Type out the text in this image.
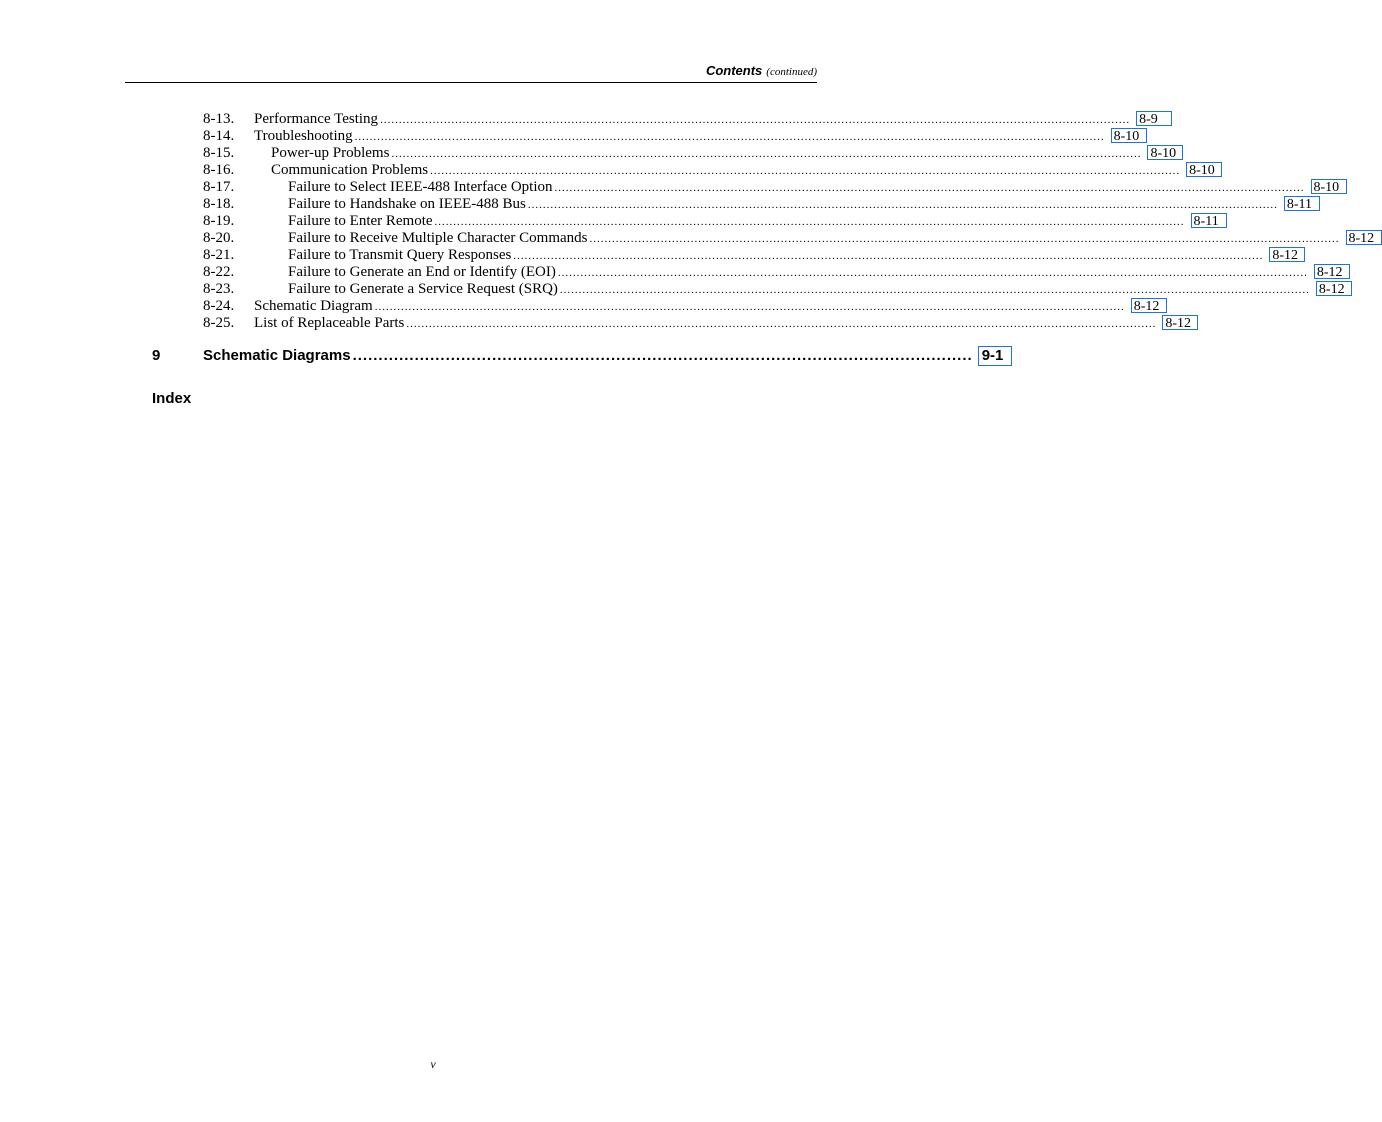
Contents (continued)
8-13.	Performance Testing ........................................................................................................................................................................................................ 8-9
8-14.	Troubleshooting ........................................................................................................................................................................................................ 8-10
8-15.	Power-up Problems ........................................................................................................................................................................................................ 8-10
8-16.	Communication Problems ........................................................................................................................................................................................................ 8-10
8-17.	Failure to Select IEEE-488 Interface Option ........................................................................................................................................................................................................ 8-10
8-18.	Failure to Handshake on IEEE-488 Bus ........................................................................................................................................................................................................ 8-11
8-19.	Failure to Enter Remote ........................................................................................................................................................................................................ 8-11
8-20.	Failure to Receive Multiple Character Commands ........................................................................................................................................................................................................ 8-12
8-21.	Failure to Transmit Query Responses ........................................................................................................................................................................................................ 8-12
8-22.	Failure to Generate an End or Identify (EOI) ........................................................................................................................................................................................................ 8-12
8-23.	Failure to Generate a Service Request (SRQ) ........................................................................................................................................................................................................ 8-12
8-24.	Schematic Diagram ........................................................................................................................................................................................................ 8-12
8-25.	List of Replaceable Parts ........................................................................................................................................................................................................ 8-12
9	Schematic Diagrams ........................................................................................................................ 9-1
Index
v
